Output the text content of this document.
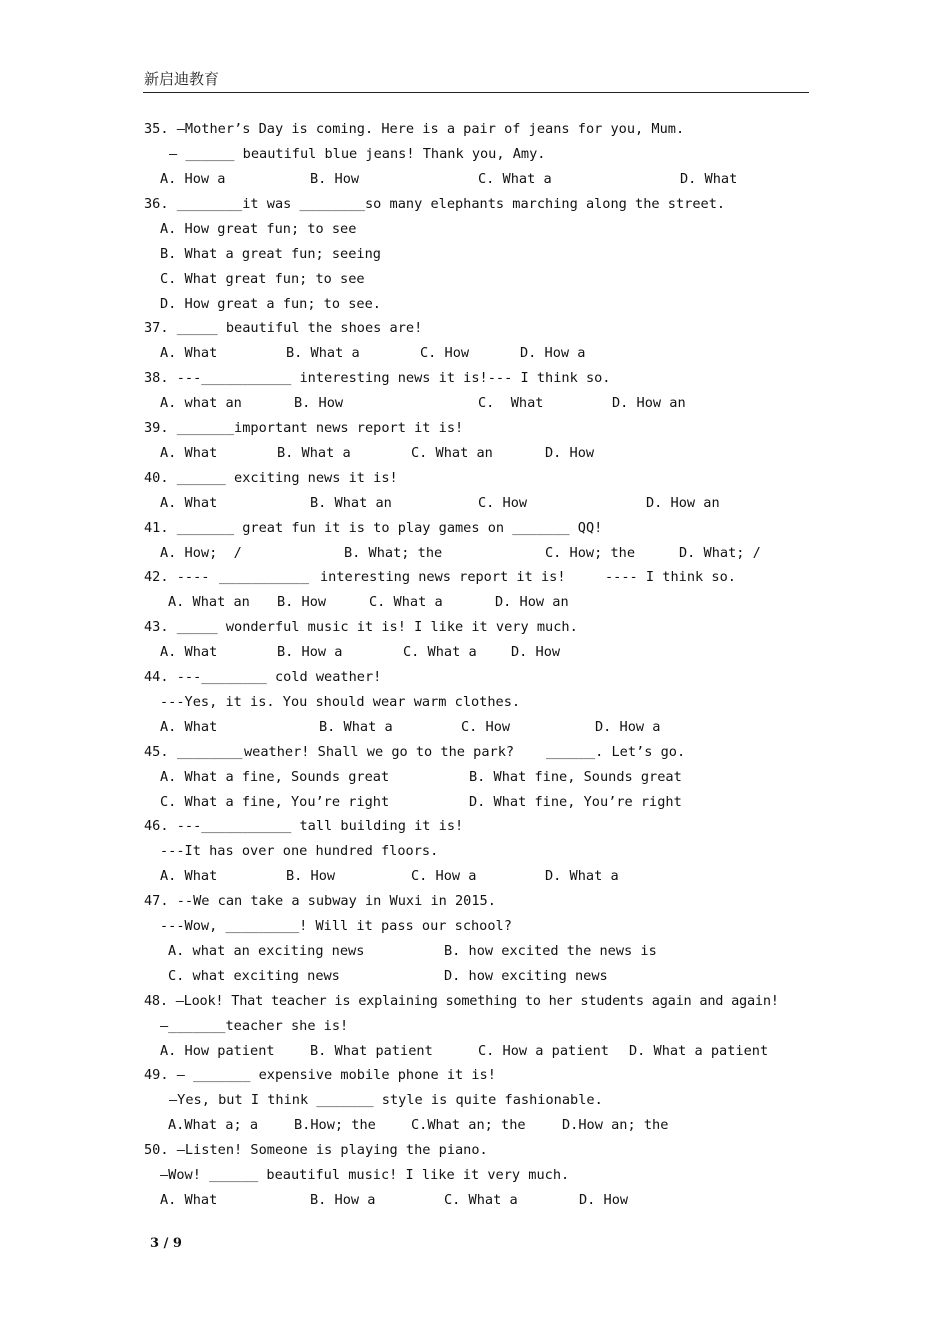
新启迪教育
35. —Mother’s Day is coming. Here is a pair of jeans for you, Mum.
— ______ beautiful blue jeans! Thank you, Amy.
A. How a	B. How	C. What a	D. What
36. ________it was ________so many elephants marching along the street.
A. How great fun; to see
B. What a great fun; seeing
C. What great fun; to see
D. How great a fun; to see.
37. _____ beautiful the shoes are!
A. What	B. What a	C. How	D. How a
38. ---___________ interesting news it is!--- I think so.
A. what an	B. How	C.  What	D. How an
39. _______important news report it is!
A. What	B. What a	C. What an	D. How
40. ______ exciting news it is!
A. What	B. What an	C. How	D. How an
41. _______ great fun it is to play games on _______ QQ!
A. How;  /	B. What; the	C. How; the	D. What; /
42. ---- ___________ interesting news report it is!	---- I think so.
A. What an B. How	C. What a	D. How an
43. _____ wonderful music it is! I like it very much.
A. What	B. How a	C. What a	D. How
44. ---________ cold weather!
---Yes, it is. You should wear warm clothes.
A. What	B. What a	C. How	D. How a
45. ________ weather! Shall we go to the park? ______. Let’s go.
A. What a fine, Sounds great	B. What fine, Sounds great
C. What a fine, You’re right	D. What fine, You’re right
46. ---___________ tall building it is!
---It has over one hundred floors.
A. What	B. How	C. How a	D. What a
47. --We can take a subway in Wuxi in 2015.
---Wow, _________! Will it pass our school?
A. what an exciting news	B. how excited the news is
C. what exciting news	D. how exciting news
48. —Look! That teacher is explaining something to her students again and again!
—_______teacher she is!
A. How patient	B. What patient	C. How a patient D. What a patient
49. — _______ expensive mobile phone it is!
—Yes, but I think _______ style is quite fashionable.
A.What a; a	B.How; the	C.What an; the	D.How an; the
50. —Listen! Someone is playing the piano.
—Wow! ______ beautiful music! I like it very much.
A. What	B. How a	C. What a	D. How
3 / 9
